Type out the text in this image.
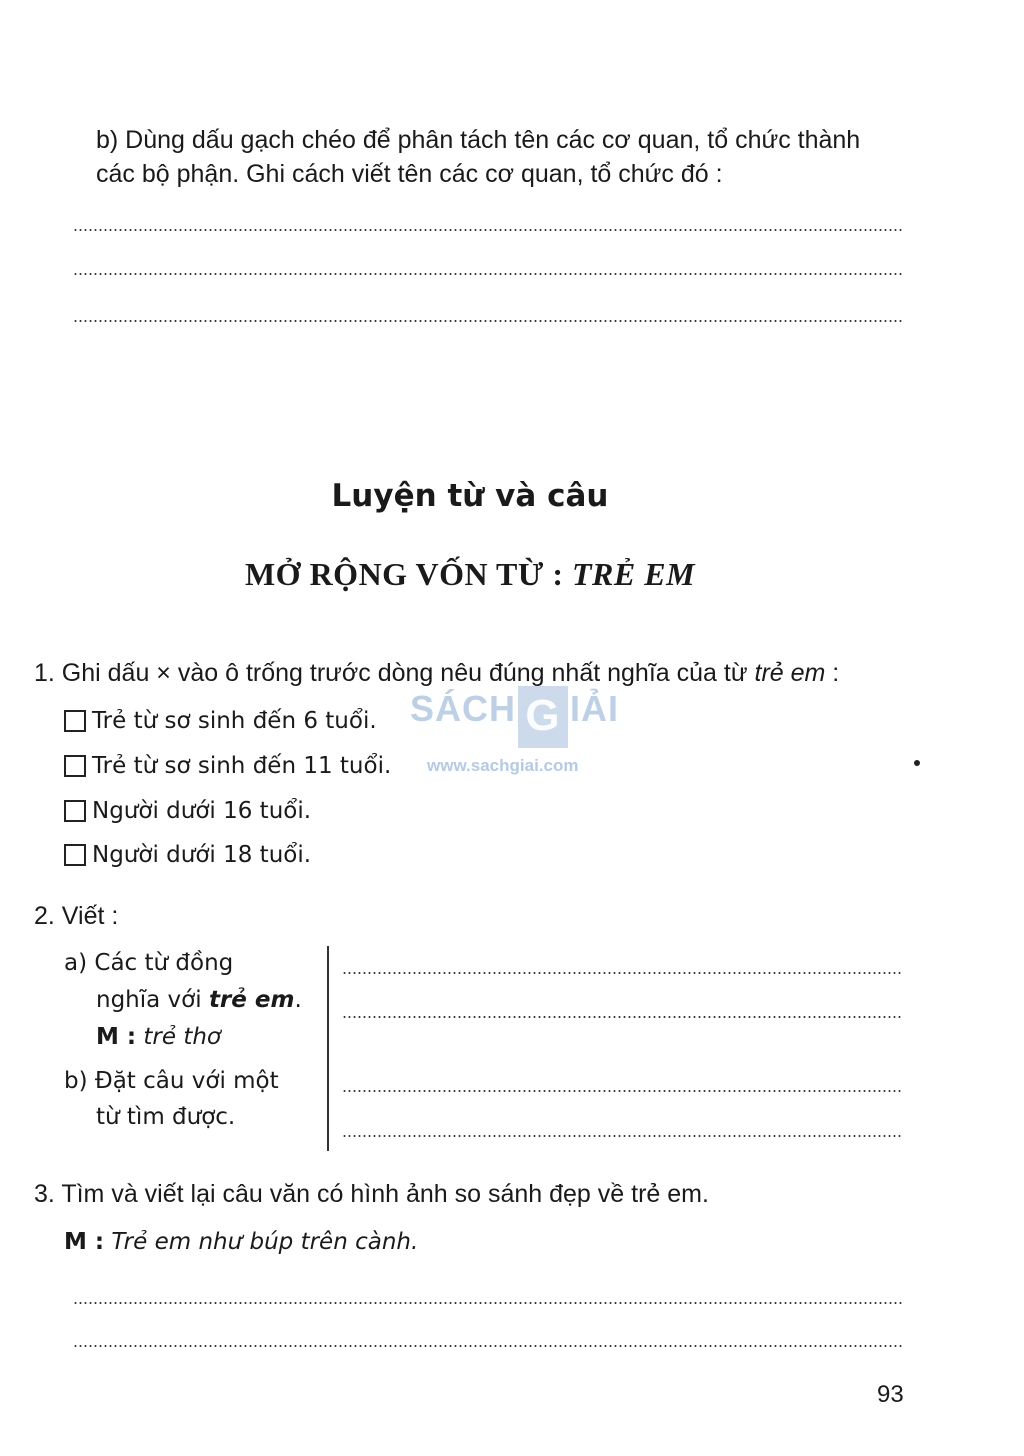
b) Dùng dấu gạch chéo để phân tách tên các cơ quan, tổ chức thành
các bộ phận. Ghi cách viết tên các cơ quan, tổ chức đó :
Luyện từ và câu
MỞ RỘNG VỐN TỪ : TRẺ EM
1. Ghi dấu × vào ô trống trước dòng nêu đúng nhất nghĩa của từ trẻ em :
Trẻ từ sơ sinh đến 6 tuổi.
Trẻ từ sơ sinh đến 11 tuổi.
Người dưới 16 tuổi.
Người dưới 18 tuổi.
SÁCH G IẢI
www.sachgiai.com
2. Viết :
a) Các từ đồng
nghĩa với trẻ em.
M : trẻ thơ
b) Đặt câu với một
từ tìm được.
3. Tìm và viết lại câu văn có hình ảnh so sánh đẹp về trẻ em.
M : Trẻ em như búp trên cành.
93
